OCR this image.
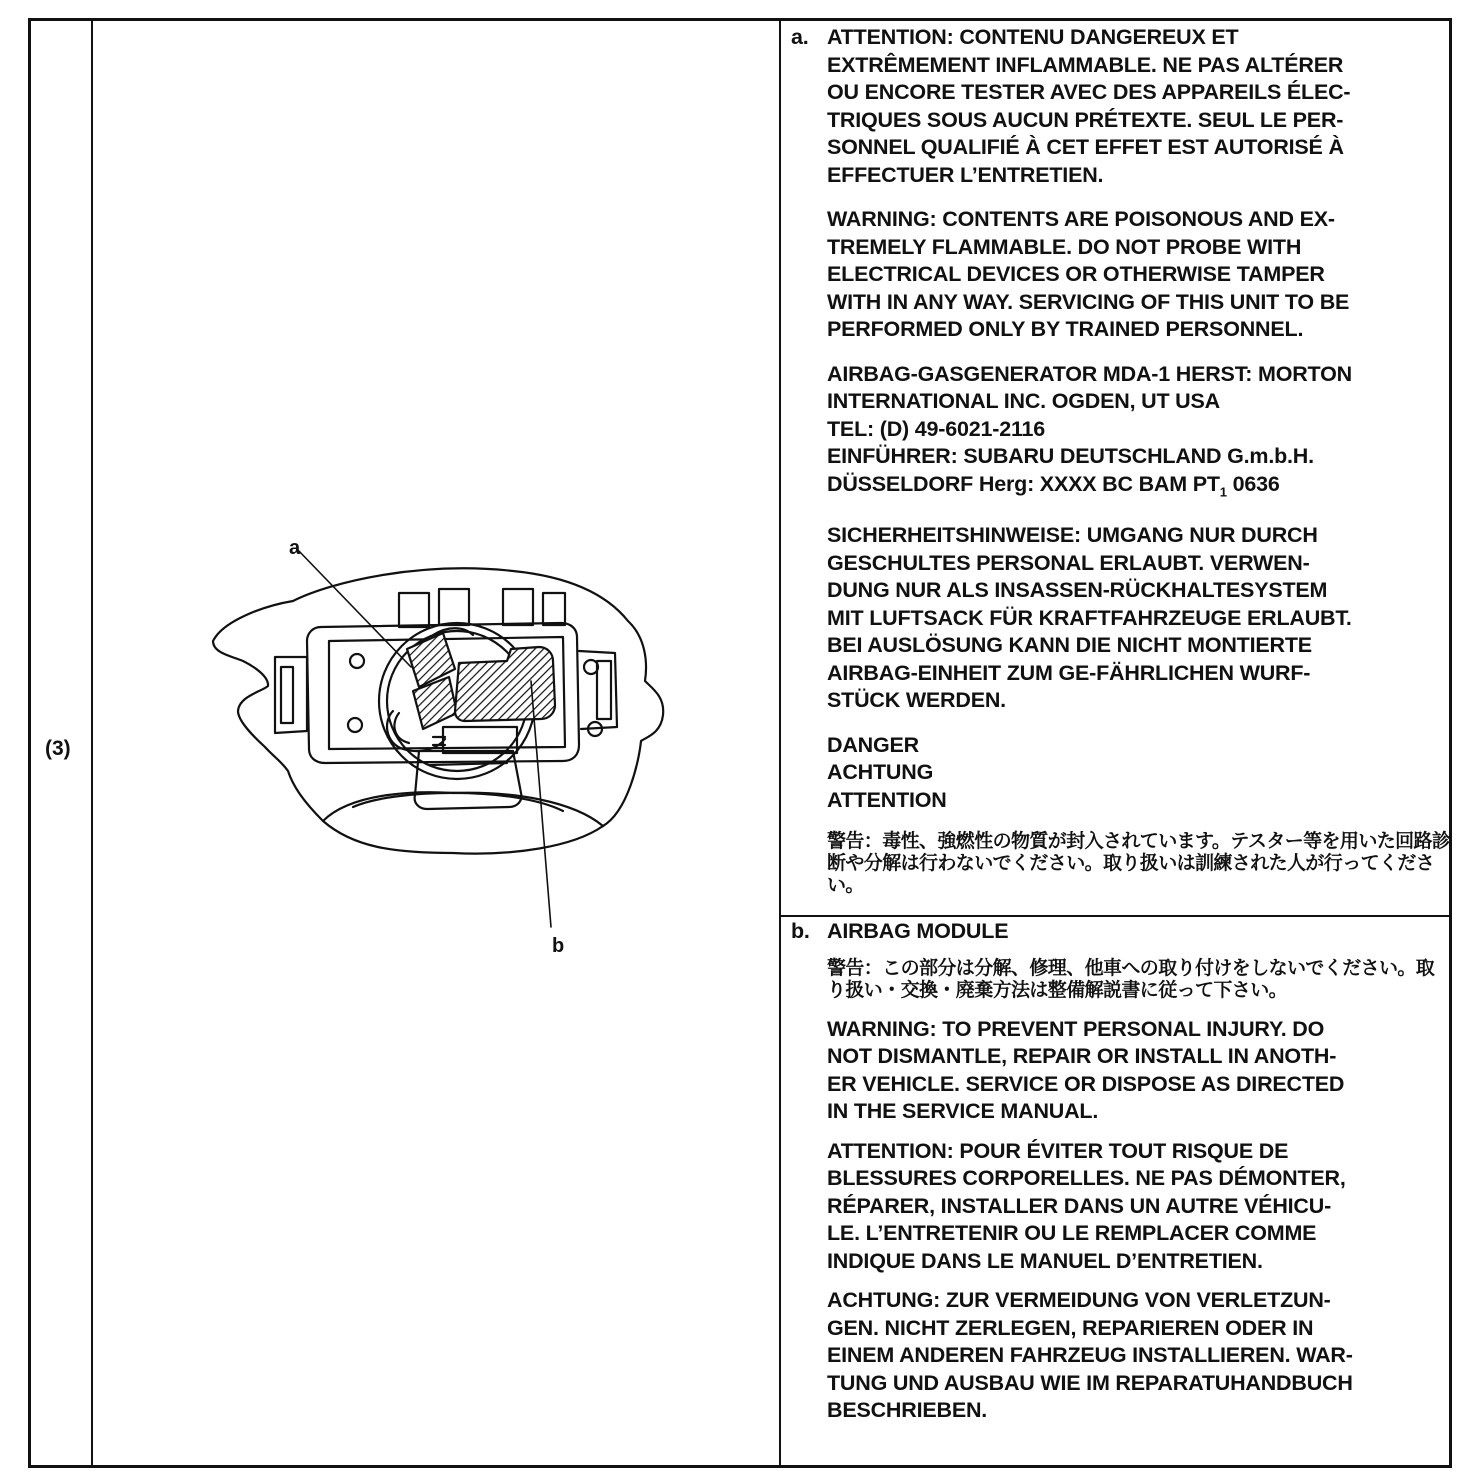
(3)
a
b
a. ATTENTION: CONTENU DANGEREUX ET
EXTRÊMEMENT INFLAMMABLE. NE PAS ALTÉRER
OU ENCORE TESTER AVEC DES APPAREILS ÉLEC-
TRIQUES SOUS AUCUN PRÉTEXTE. SEUL LE PER-
SONNEL QUALIFIÉ À CET EFFET EST AUTORISÉ À
EFFECTUER L’ENTRETIEN.

WARNING: CONTENTS ARE POISONOUS AND EX-
TREMELY FLAMMABLE. DO NOT PROBE WITH
ELECTRICAL DEVICES OR OTHERWISE TAMPER
WITH IN ANY WAY. SERVICING OF THIS UNIT TO BE
PERFORMED ONLY BY TRAINED PERSONNEL.

AIRBAG-GASGENERATOR MDA-1 HERST: MORTON
INTERNATIONAL INC. OGDEN, UT USA
TEL: (D) 49-6021-2116
EINFÜHRER: SUBARU DEUTSCHLAND G.m.b.H.

DÜSSELDORF Herg: XXXX BC BAM $PT_1$ 0636

SICHERHEITSHINWEISE: UMGANG NUR DURCH
GESCHULTES PERSONAL ERLAUBT. VERWEN-
DUNG NUR ALS INSASSEN-RÜCKHALTESYSTEM
MIT LUFTSACK FÜR KRAFTFAHRZEUGE ERLAUBT.
BEI AUSLÖSUNG KANN DIE NICHT MONTIERTE
AIRBAG-EINHEIT ZUM GE-FÄHRLICHEN WURF-
STÜCK WERDEN.

DANGER
ACHTUNG
ATTENTION

警告：毒性、強燃性の物質が封入されています。テスター等を用いた回路診断や分解は行わないでください。取り扱いは訓練された人が行ってください。

b. AIRBAG MODULE

警告：この部分は分解、修理、他車への取り付けをしないでください。取り扱い・交換・廃棄方法は整備解説書に従って下さい。

WARNING: TO PREVENT PERSONAL INJURY. DO
NOT DISMANTLE, REPAIR OR INSTALL IN ANOTH-
ER VEHICLE. SERVICE OR DISPOSE AS DIRECTED
IN THE SERVICE MANUAL.

ATTENTION: POUR ÉVITER TOUT RISQUE DE
BLESSURES CORPORELLES. NE PAS DÉMONTER,
RÉPARER, INSTALLER DANS UN AUTRE VÉHICU-
LE. L’ENTRETENIR OU LE REMPLACER COMME
INDIQUE DANS LE MANUEL D’ENTRETIEN.

ACHTUNG: ZUR VERMEIDUNG VON VERLETZUN-
GEN. NICHT ZERLEGEN, REPARIEREN ODER IN
EINEM ANDEREN FAHRZEUG INSTALLIEREN. WAR-
TUNG UND AUSBAU WIE IM REPARATUHANDBUCH
BESCHRIEBEN.
